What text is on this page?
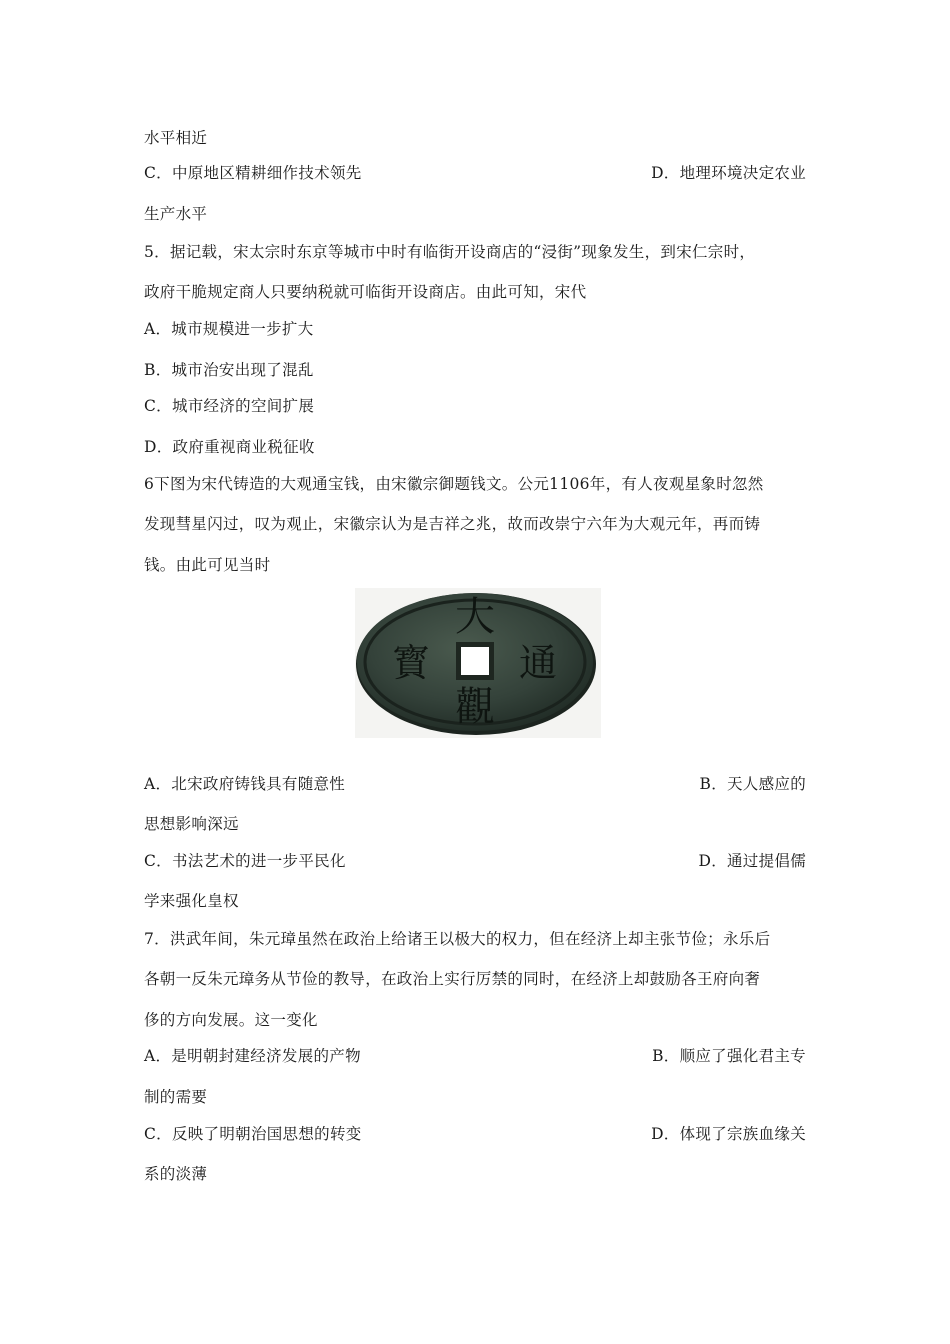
水平相近
C．中原地区精耕细作技术领先	D．地理环境决定农业
生产水平
5．据记载，宋太宗时东京等城市中时有临街开设商店的“浸街”现象发生，到宋仁宗时，
政府干脆规定商人只要纳税就可临街开设商店。由此可知，宋代
A．城市规模进一步扩大
B．城市治安出现了混乱
C．城市经济的空间扩展
D．政府重视商业税征收
6下图为宋代铸造的大观通宝钱，由宋徽宗御题钱文。公元1106年，有人夜观星象时忽然
发现彗星闪过，叹为观止，宋徽宗认为是吉祥之兆，故而改崇宁六年为大观元年，再而铸
钱。由此可见当时
大
觀
通
寳
A．北宋政府铸钱具有随意性	B．天人感应的
思想影响深远
C．书法艺术的进一步平民化	D．通过提倡儒
学来强化皇权
7．洪武年间，朱元璋虽然在政治上给诸王以极大的权力，但在经济上却主张节俭；永乐后
各朝一反朱元璋务从节俭的教导，在政治上实行厉禁的同时，在经济上却鼓励各王府向奢
侈的方向发展。这一变化
A．是明朝封建经济发展的产物	B．顺应了强化君主专
制的需要
C．反映了明朝治国思想的转变	D．体现了宗族血缘关
系的淡薄
